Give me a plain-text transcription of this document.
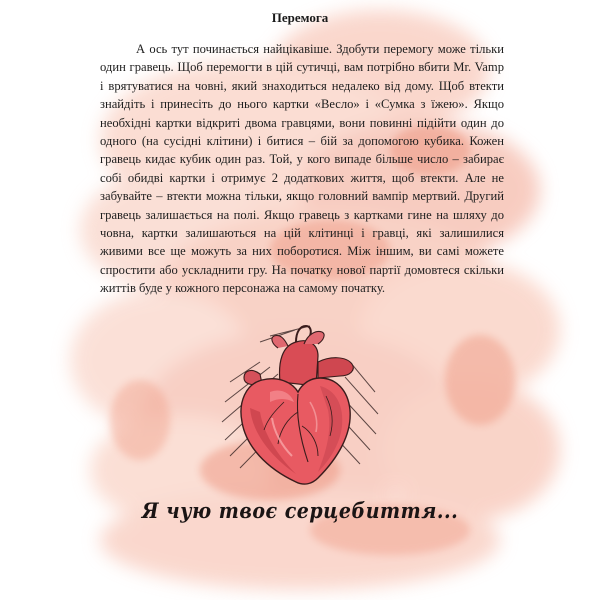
Перемога

А ось тут починається найцікавіше. Здобути перемогу може тільки один гравець. Щоб перемогти в цій сутичці, вам потрібно вбити Mr. Vamp і врятуватися на човні, який знаходиться недалеко від дому. Щоб втекти знайдіть і принесіть до нього картки «Весло» і «Сумка з їжею». Якщо необхідні картки відкриті двома гравцями, вони повинні підійти один до одного (на сусідні клітини) і битися – бій за допомогою кубика. Кожен гравець кидає кубик один раз. Той, у кого випаде більше число – забирає собі обидві картки і отримує 2 додаткових життя, щоб втекти. Але не забувайте – втекти можна тільки, якщо головний вампір мертвий. Другий гравець залишається на полі. Якщо гравець з картками гине на шляху до човна, картки залишаються на цій клітинці і гравці, які залишилися живими все ще можуть за них поборотися. Між іншим, ви самі можете спростити або ускладнити гру. На початку нової партії домовтеся скільки життів буде у кожного персонажа на самому початку.

Я чую твоє серцебиття...
